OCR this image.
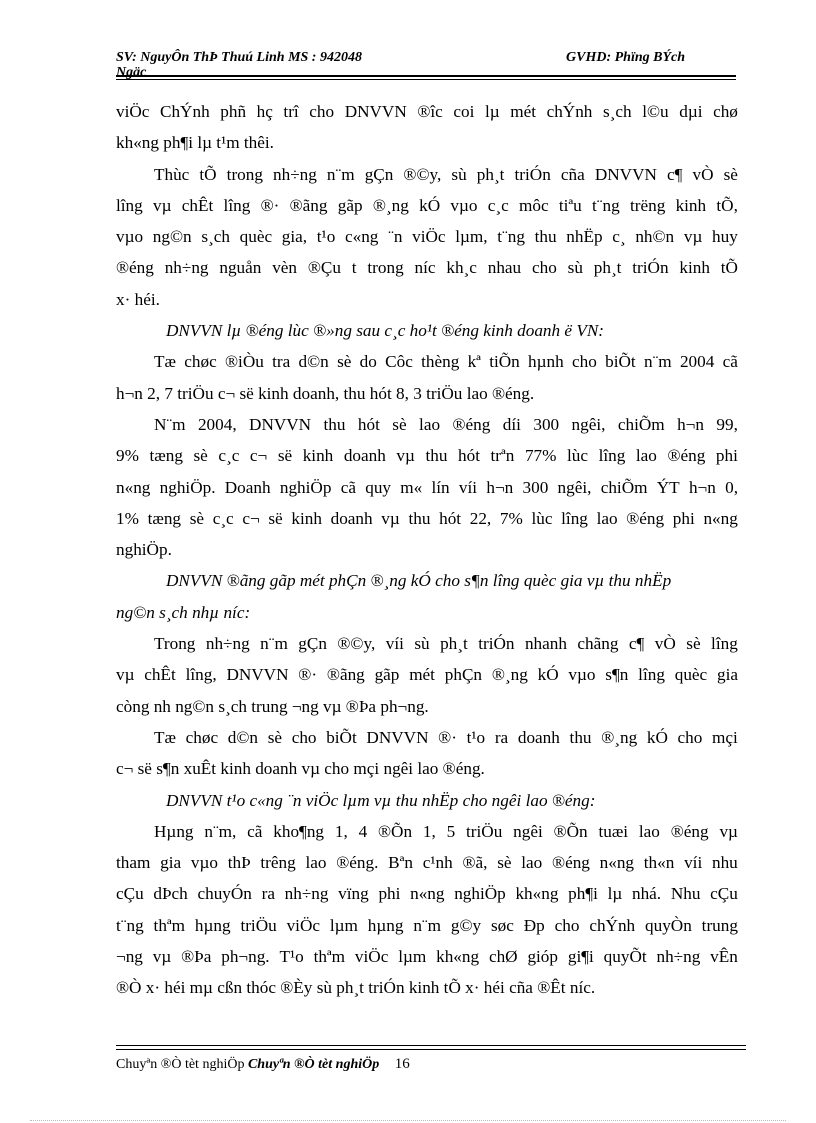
SV: NguyÔn ThÞ Thuú Linh MS : 942048	GVHD: Phïng BÝch
Ngäc
viÖc ChÝnh phñ hç trî cho DNVVN ®îc coi lµ mét chÝnh s¸ch l©u dµi chø
kh«ng ph¶i lµ t¹m thêi.
Thùc tÕ trong nh÷ng n¨m gÇn ®©y, sù ph¸t triÓn cña DNVVN c¶ vÒ sè
lîng vµ chÊt lîng ®· ®ãng gãp ®¸ng kÓ vµo c¸c môc tiªu t¨ng trëng kinh tÕ,
vµo ng©n s¸ch quèc gia, t¹o c«ng ¨n viÖc lµm, t¨ng thu nhËp c¸ nh©n vµ huy
®éng nh÷ng nguån vèn ®Çu t trong níc kh¸c nhau cho sù ph¸t triÓn kinh tÕ
x· héi.
DNVVN lµ ®éng lùc ®»ng sau c¸c ho¹t ®éng kinh doanh ë VN:
Tæ chøc ®iÒu tra d©n sè do Côc thèng kª tiÕn hµnh cho biÕt n¨m 2004 cã
h¬n 2, 7 triÖu c¬ së kinh doanh, thu hót 8, 3 triÖu lao ®éng.
N¨m 2004, DNVVN thu hót sè lao ®éng díi 300 ngêi, chiÕm h¬n 99,
9% tæng sè c¸c c¬ së kinh doanh vµ thu hót trªn 77% lùc lîng lao ®éng phi
n«ng nghiÖp. Doanh nghiÖp cã quy m« lín víi h¬n 300 ngêi, chiÕm ÝT h¬n 0,
1% tæng sè c¸c c¬ së kinh doanh vµ thu hót 22, 7% lùc lîng lao ®éng phi n«ng
nghiÖp.
DNVVN ®ãng gãp mét phÇn ®¸ng kÓ cho s¶n lîng quèc gia vµ thu nhËp
ng©n s¸ch nhµ níc:
Trong nh÷ng n¨m gÇn ®©y, víi sù ph¸t triÓn nhanh chãng c¶ vÒ sè lîng
vµ chÊt lîng, DNVVN ®· ®ãng gãp mét phÇn ®¸ng kÓ vµo s¶n lîng quèc gia
còng nh ng©n s¸ch trung ¬ng vµ ®Þa ph¬ng.
Tæ chøc d©n sè cho biÕt DNVVN ®· t¹o ra doanh thu ®¸ng kÓ cho mçi
c¬ së s¶n xuÊt kinh doanh vµ cho mçi ngêi lao ®éng.
DNVVN t¹o c«ng ¨n viÖc lµm vµ thu nhËp cho ngêi lao ®éng:
Hµng n¨m, cã kho¶ng 1, 4 ®Õn 1, 5 triÖu ngêi ®Õn tuæi lao ®éng vµ
tham gia vµo thÞ trêng lao ®éng. Bªn c¹nh ®ã, sè lao ®éng n«ng th«n víi nhu
cÇu dÞch chuyÓn ra nh÷ng vïng phi n«ng nghiÖp kh«ng ph¶i lµ nhá. Nhu cÇu
t¨ng thªm hµng triÖu viÖc lµm hµng n¨m g©y søc Ðp cho chÝnh quyÒn trung
¬ng vµ ®Þa ph¬ng. T¹o thªm viÖc lµm kh«ng chØ gióp gi¶i quyÕt nh÷ng vÊn
®Ò x· héi mµ cßn thóc ®Èy sù ph¸t triÓn kinh tÕ x· héi cña ®Êt níc.
Chuyªn ®Ò tèt nghiÖp Chuyªn ®Ò tèt nghiÖp 16
